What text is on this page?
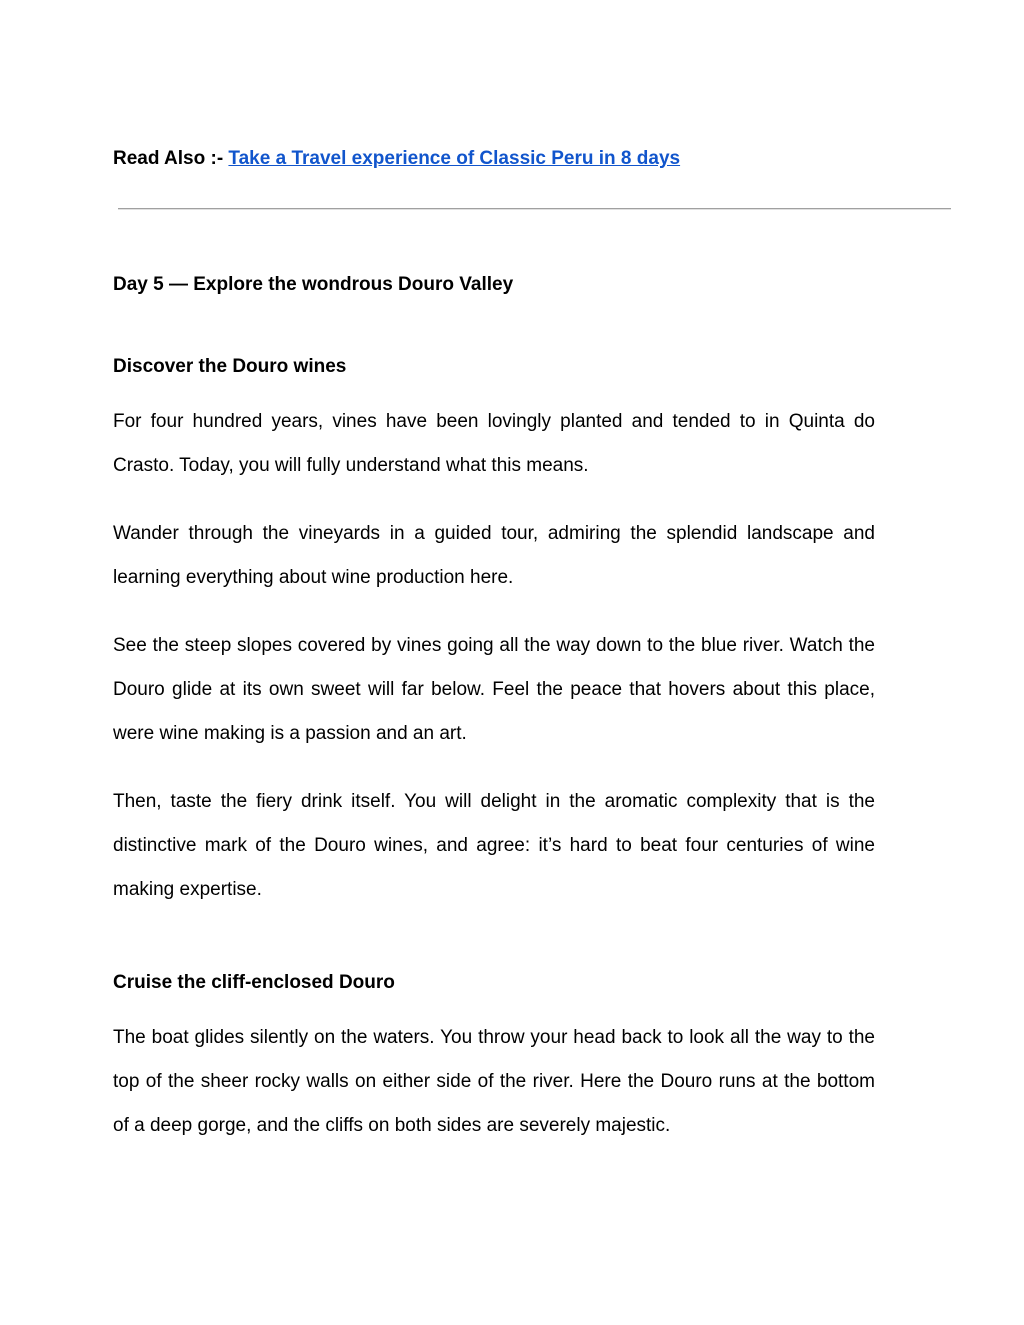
Read Also :- Take a Travel experience of Classic Peru in 8 days
Day 5 — Explore the wondrous Douro Valley
Discover the Douro wines

For four hundred years, vines have been lovingly planted and tended to in Quinta do Crasto. Today, you will fully understand what this means.

Wander through the vineyards in a guided tour, admiring the splendid landscape and learning everything about wine production here.

See the steep slopes covered by vines going all the way down to the blue river. Watch the Douro glide at its own sweet will far below. Feel the peace that hovers about this place, were wine making is a passion and an art.

Then, taste the fiery drink itself. You will delight in the aromatic complexity that is the distinctive mark of the Douro wines, and agree: it’s hard to beat four centuries of wine making expertise.

Cruise the cliff-enclosed Douro

The boat glides silently on the waters. You throw your head back to look all the way to the top of the sheer rocky walls on either side of the river. Here the Douro runs at the bottom of a deep gorge, and the cliffs on both sides are severely majestic.
